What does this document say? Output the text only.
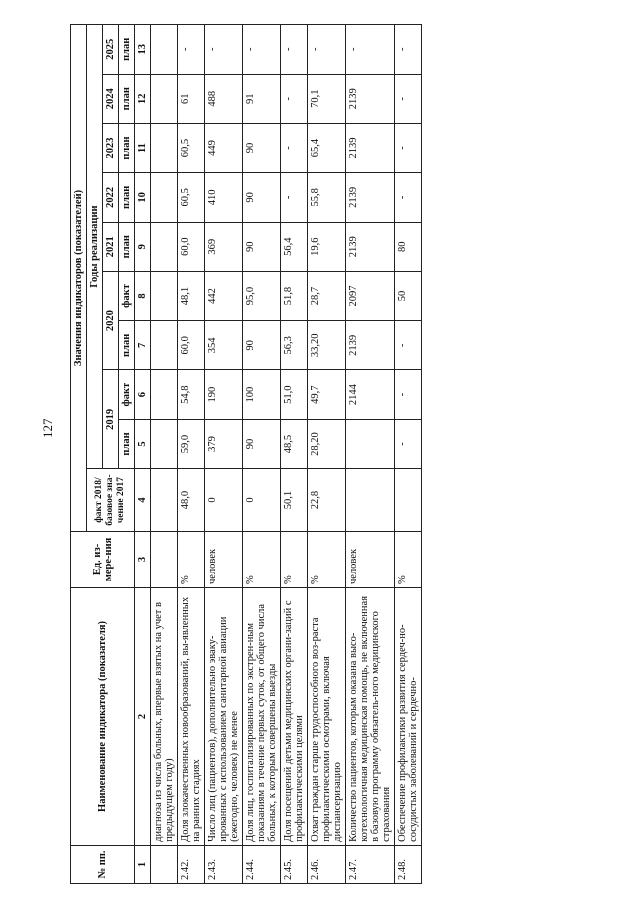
127
№ пп.	Наименование индикатора (показателя)	Ед. из-мере-ния	Значения индикаторов (показателей)									
			факт 2018/базовое зна-чение 2017	Годы реализации								
				2019		2020		2021	2022	2023	2024	2025
				план	факт	план	факт	план	план	план	план	план
1	2	3	4	5	6	7	8	9	10	11	12	13
	диагноза из числа больных, впервые взятых на учет в предыдущем году)											
2.42.	Доля злокачественных новообразований, вы-явленных на ранних стадиях	%	48,0	59,0	54,8	60,0	48,1	60,0	60,5	60,5	61	-
2.43.	Число лиц (пациентов), дополнительно эваку-ированных с использованием санитарной авиации (ежегодно, человек) не менее	человек	0	379	190	354	442	369	410	449	488	-
2.44.	Доля лиц, госпитализированных по экстрен-ным показаниям в течение первых суток, от общего числа больных, к которым совершены выезды	%	0	90	100	90	95,0	90	90	90	91	-
2.45.	Доля посещений детьми медицинских органи-заций с профилактическими целями	%	50,1	48,5	51,0	56,3	51,8	56,4	-	-	-	-
2.46.	Охват граждан старше трудоспособного воз-раста профилактическими осмотрами, включая диспансеризацию	%	22,8	28,20	49,7	33,20	28,7	19,6	55,8	65,4	70,1	-
2.47.	Количество пациентов, которым оказана высо-котехнологичная медицинская помощь, не включенная в базовую программу обязатель-ного медицинского страхования	человек			2144	2139	2097	2139	2139	2139	2139	-
2.48.	Обеспечение профилактики развития сердеч-но-сосудистых заболеваний и сердечно-	%		-	-	-	50	80	-	-	-	-
